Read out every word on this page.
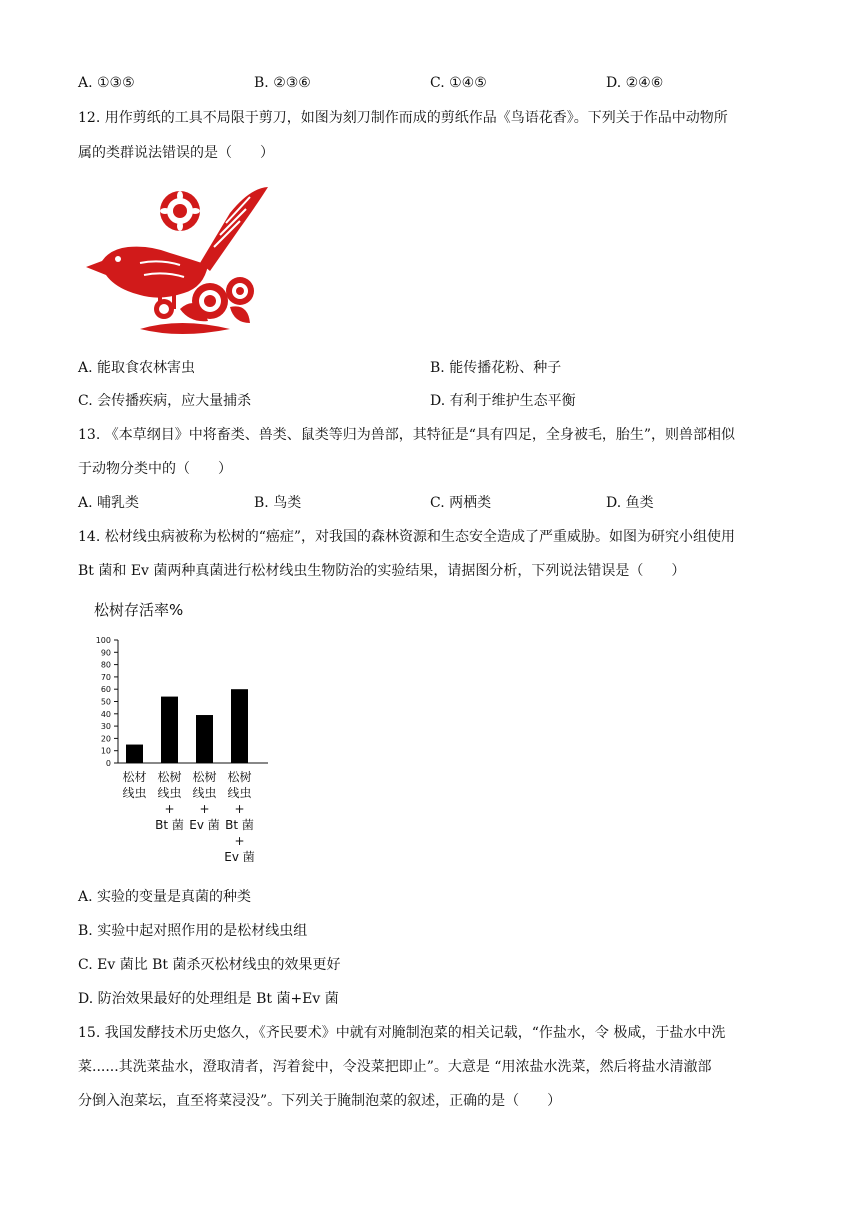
A. ①③⑤	B. ②③⑥	C. ①④⑤	D. ②④⑥
12. 用作剪纸的工具不局限于剪刀，如图为刻刀制作而成的剪纸作品《鸟语花香》。下列关于作品中动物所
属的类群说法错误的是（　　）
A. 能取食农林害虫	B. 能传播花粉、种子
C. 会传播疾病，应大量捕杀	D. 有利于维护生态平衡
13. 《本草纲目》中将畜类、兽类、鼠类等归为兽部，其特征是“具有四足，全身被毛，胎生”，则兽部相似
于动物分类中的（　　）
A. 哺乳类	B. 鸟类	C. 两栖类	D. 鱼类
14. 松材线虫病被称为松树的“癌症”，对我国的森林资源和生态安全造成了严重威胁。如图为研究小组使用
Bt 菌和 Ev 菌两种真菌进行松材线虫生物防治的实验结果，请据图分析，下列说法错误是（　　）
松树存活率%
0
10
20
30
40
50
60
70
80
90
100
松材
线虫
松树
线虫
+
Bt 菌
松树
线虫
+
Ev 菌
松树
线虫
+
Bt 菌
+
Ev 菌
A. 实验的变量是真菌的种类
B. 实验中起对照作用的是松材线虫组
C. Ev 菌比 Bt 菌杀灭松材线虫的效果更好
D. 防治效果最好的处理组是 Bt 菌+Ev 菌
15. 我国发酵技术历史悠久，《齐民要术》中就有对腌制泡菜的相关记载，“作盐水，令 极咸，于盐水中洗
菜......其洗菜盐水，澄取清者，泻着瓮中，令没菜把即止”。大意是 “用浓盐水洗菜，然后将盐水清澈部
分倒入泡菜坛，直至将菜浸没”。下列关于腌制泡菜的叙述，正确的是（　　）
